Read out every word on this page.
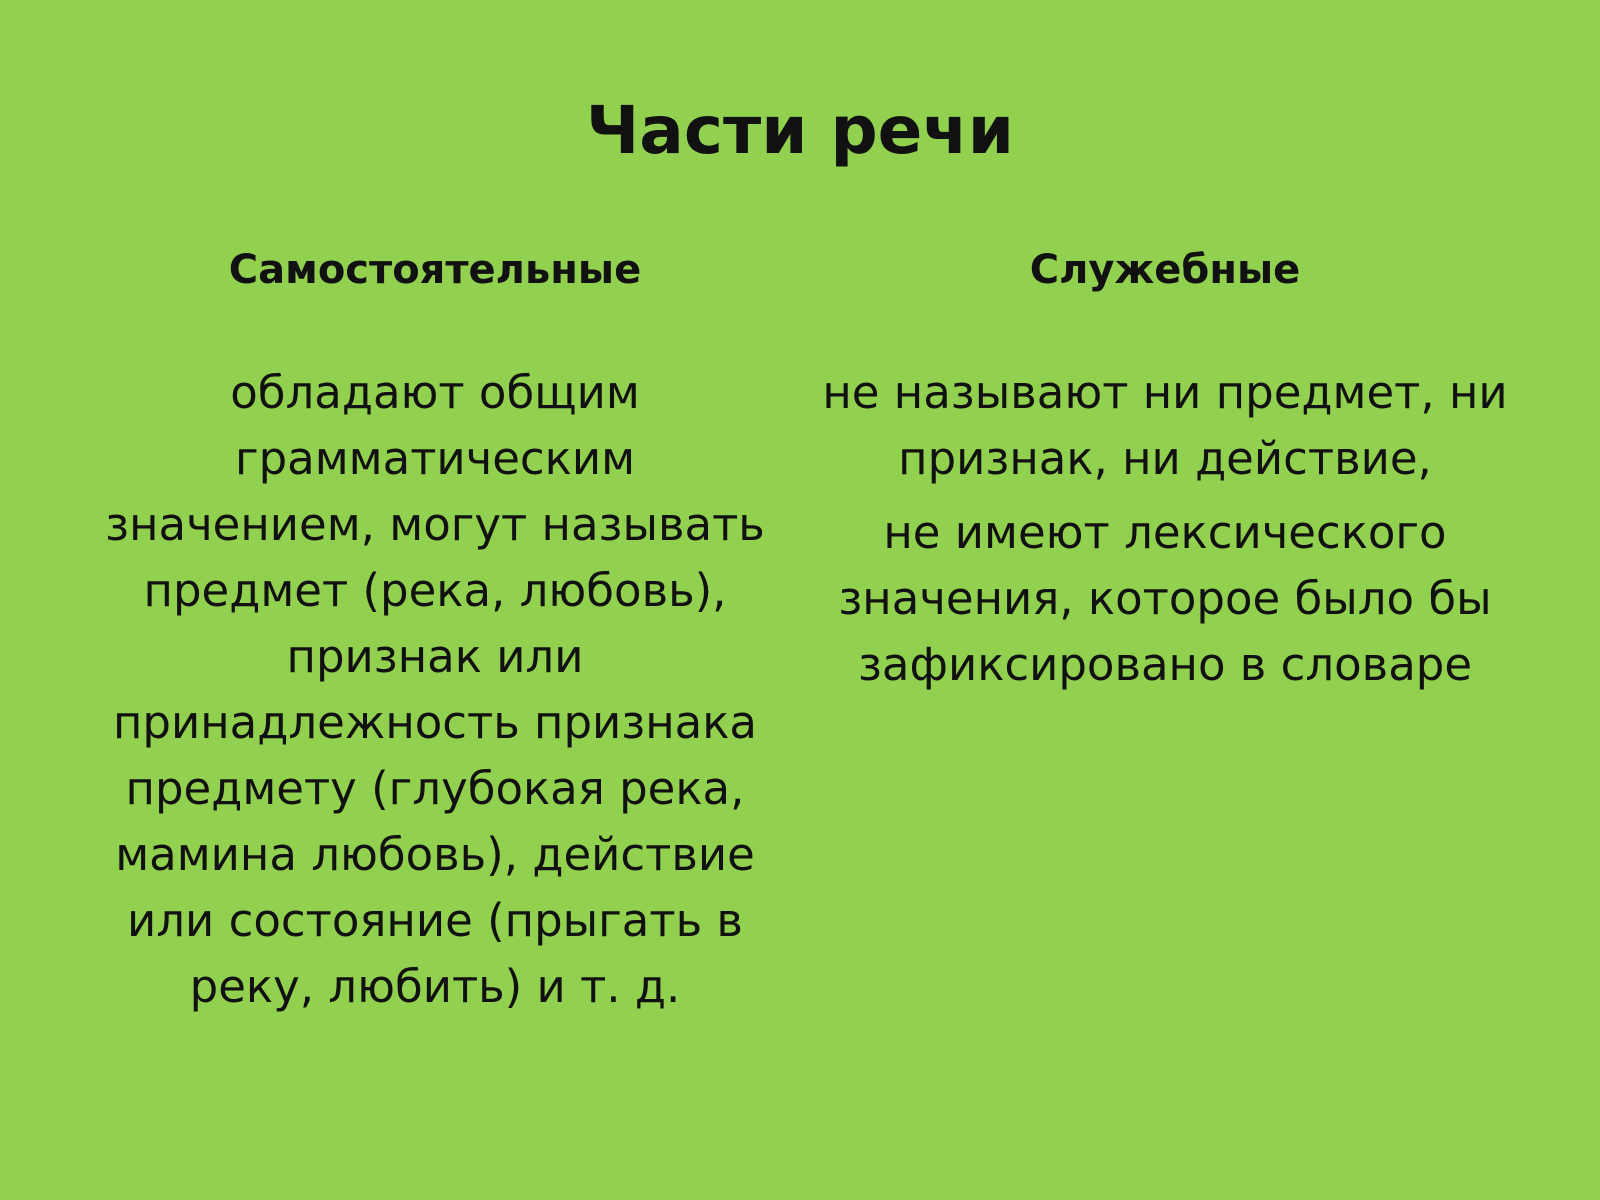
Части речи
Самостоятельные

обладают общим грамматическим значением, могут называть предмет (река, любовь), признак или принадлежность признака предмету (глубокая река, мамина любовь), действие или состояние (прыгать в реку, любить) и т. д.

Служебные

не называют ни предмет, ни признак, ни действие,

не имеют лексического значения, которое было бы зафиксировано в словаре
